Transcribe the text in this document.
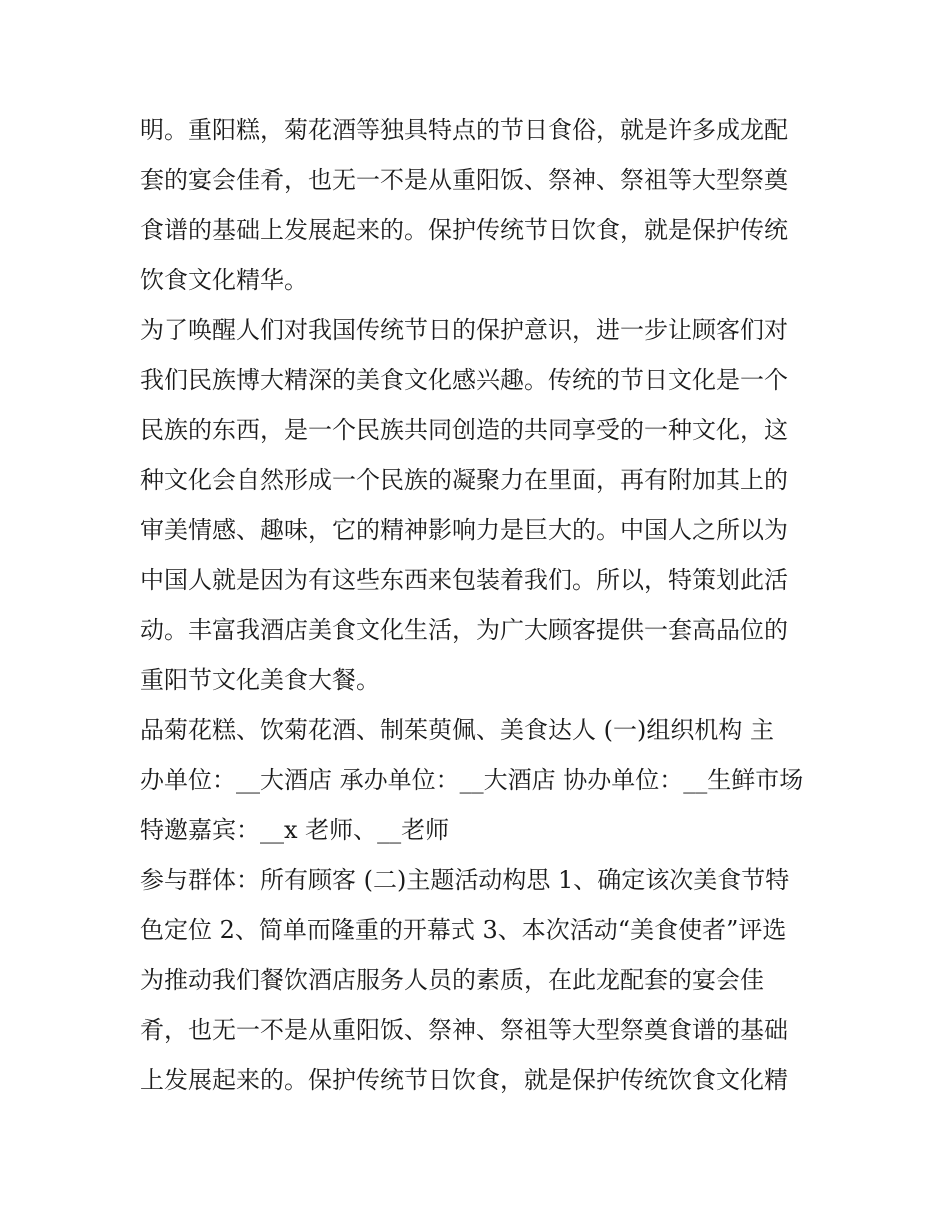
明。重阳糕，菊花酒等独具特点的节日食俗，就是许多成龙配
套的宴会佳肴，也无一不是从重阳饭、祭神、祭祖等大型祭奠
食谱的基础上发展起来的。保护传统节日饮食，就是保护传统
饮食文化精华。
为了唤醒人们对我国传统节日的保护意识，进一步让顾客们对
我们民族博大精深的美食文化感兴趣。传统的节日文化是一个
民族的东西，是一个民族共同创造的共同享受的一种文化，这
种文化会自然形成一个民族的凝聚力在里面，再有附加其上的
审美情感、趣味，它的精神影响力是巨大的。中国人之所以为
中国人就是因为有这些东西来包装着我们。所以，特策划此活
动。丰富我酒店美食文化生活，为广大顾客提供一套高品位的
重阳节文化美食大餐。
品菊花糕、饮菊花酒、制茱萸佩、美食达人 (一)组织机构 主
办单位：__大酒店 承办单位：__大酒店 协办单位：__生鲜市场
特邀嘉宾：__x 老师、__老师
参与群体：所有顾客 (二)主题活动构思 1、确定该次美食节特
色定位 2、简单而隆重的开幕式 3、本次活动“美食使者”评选
为推动我们餐饮酒店服务人员的素质，在此龙配套的宴会佳
肴，也无一不是从重阳饭、祭神、祭祖等大型祭奠食谱的基础
上发展起来的。保护传统节日饮食，就是保护传统饮食文化精
